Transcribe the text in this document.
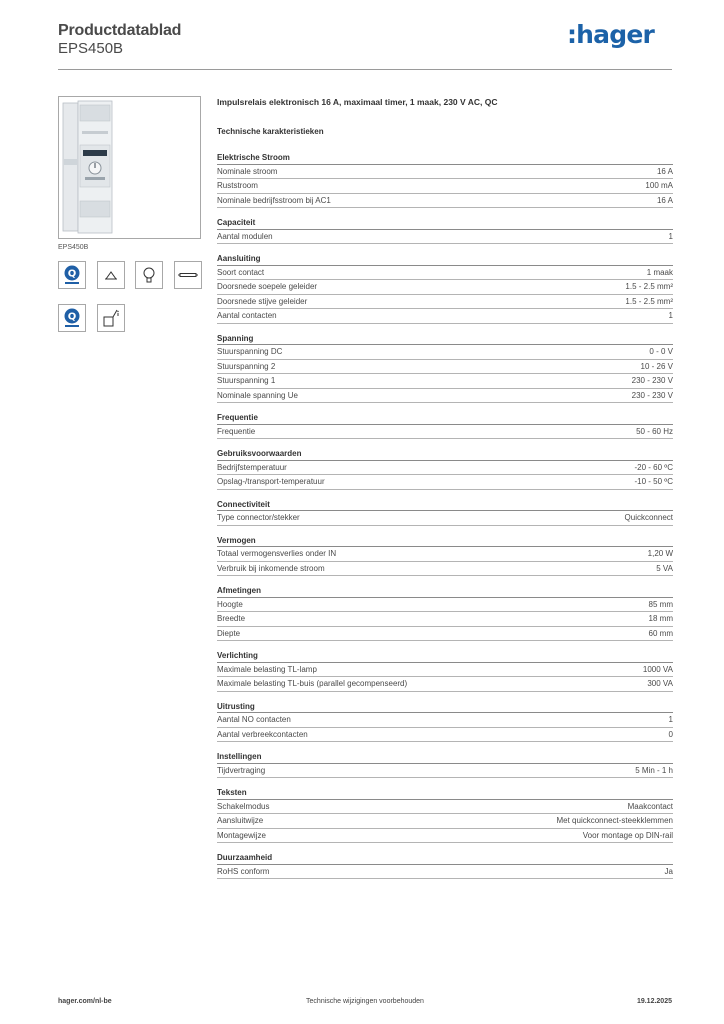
Productdatablad
EPS450B	:hager
EPS450B
Q
Q
Impulsrelais elektronisch 16 A, maximaal timer, 1 maak, 230 V AC, QC
Technische karakteristieken
Elektrische Stroom
Nominale stroom	16 A
Ruststroom	100 mA
Nominale bedrijfsstroom bij AC1	16 A
Capaciteit
Aantal modulen	1
Aansluiting
Soort contact	1 maak
Doorsnede soepele geleider	1.5 - 2.5 mm²
Doorsnede stijve geleider	1.5 - 2.5 mm²
Aantal contacten	1
Spanning
Stuurspanning DC	0 - 0 V
Stuurspanning 2	10 - 26 V
Stuurspanning 1	230 - 230 V
Nominale spanning Ue	230 - 230 V
Frequentie
Frequentie	50 - 60 Hz
Gebruiksvoorwaarden
Bedrijfstemperatuur	-20 - 60 ºC
Opslag-/transport-temperatuur	-10 - 50 ºC
Connectiviteit
Type connector/stekker	Quickconnect
Vermogen
Totaal vermogensverlies onder IN	1,20 W
Verbruik bij inkomende stroom	5 VA
Afmetingen
Hoogte	85 mm
Breedte	18 mm
Diepte	60 mm
Verlichting
Maximale belasting TL-lamp	1000 VA
Maximale belasting TL-buis (parallel gecompenseerd)	300 VA
Uitrusting
Aantal NO contacten	1
Aantal verbreekcontacten	0
Instellingen
Tijdvertraging	5 Min - 1 h
Teksten
Schakelmodus	Maakcontact
Aansluitwijze	Met quickconnect-steekklemmen
Montagewijze	Voor montage op DIN-rail
Duurzaamheid
RoHS conform	Ja
hager.com/nl-be	Technische wijzigingen voorbehouden	19.12.2025
